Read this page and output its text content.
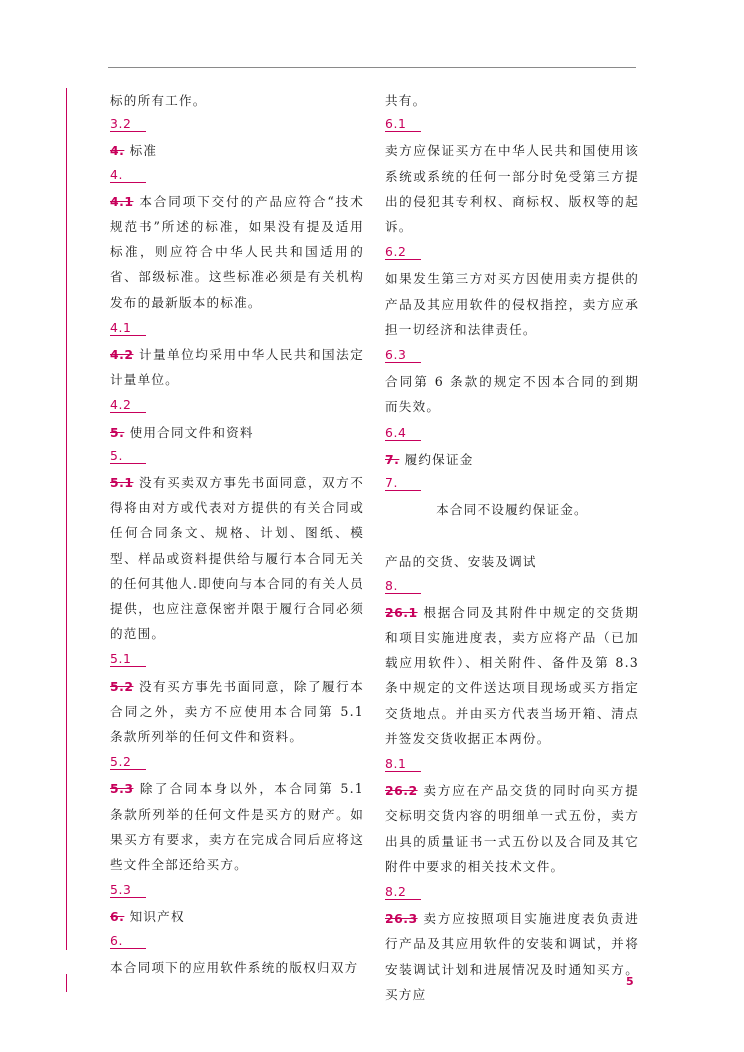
标的所有工作。

3.2

4. 标准

4.

4.1 本合同项下交付的产品应符合“技术规范书”所述的标准，如果没有提及适用标准，则应符合中华人民共和国适用的省、部级标准。这些标准必须是有关机构发布的最新版本的标准。

4.1

4.2 计量单位均采用中华人民共和国法定计量单位。

4.2

5. 使用合同文件和资料

5.

5.1 没有买卖双方事先书面同意，双方不得将由对方或代表对方提供的有关合同或任何合同条文、规格、计划、图纸、模型、样品或资料提供给与履行本合同无关的任何其他人.即使向与本合同的有关人员提供，也应注意保密并限于履行合同必须的范围。

5.1

5.2 没有买方事先书面同意，除了履行本合同之外，卖方不应使用本合同第 5.1 条款所列举的任何文件和资料。

5.2

5.3 除了合同本身以外，本合同第 5.1 条款所列举的任何文件是买方的财产。如果买方有要求，卖方在完成合同后应将这些文件全部还给买方。

5.3

6. 知识产权

6.

本合同项下的应用软件系统的版权归双方

共有。

6.1

卖方应保证买方在中华人民共和国使用该系统或系统的任何一部分时免受第三方提出的侵犯其专利权、商标权、版权等的起诉。

6.2

如果发生第三方对买方因使用卖方提供的产品及其应用软件的侵权指控，卖方应承担一切经济和法律责任。

6.3

合同第 6 条款的规定不因本合同的到期而失效。

6.4

7. 履约保证金

7.

本合同不设履约保证金。

产品的交货、安装及调试

8.

26.1 根据合同及其附件中规定的交货期和项目实施进度表，卖方应将产品（已加载应用软件）、相关附件、备件及第 8.3 条中规定的文件送达项目现场或买方指定交货地点。并由买方代表当场开箱、清点并签发交货收据正本两份。

8.1

26.2 卖方应在产品交货的同时向买方提交标明交货内容的明细单一式五份，卖方出具的质量证书一式五份以及合同及其它附件中要求的相关技术文件。

8.2

26.3 卖方应按照项目实施进度表负责进行产品及其应用软件的安装和调试，并将安装调试计划和进展情况及时通知买方。买方应

5
